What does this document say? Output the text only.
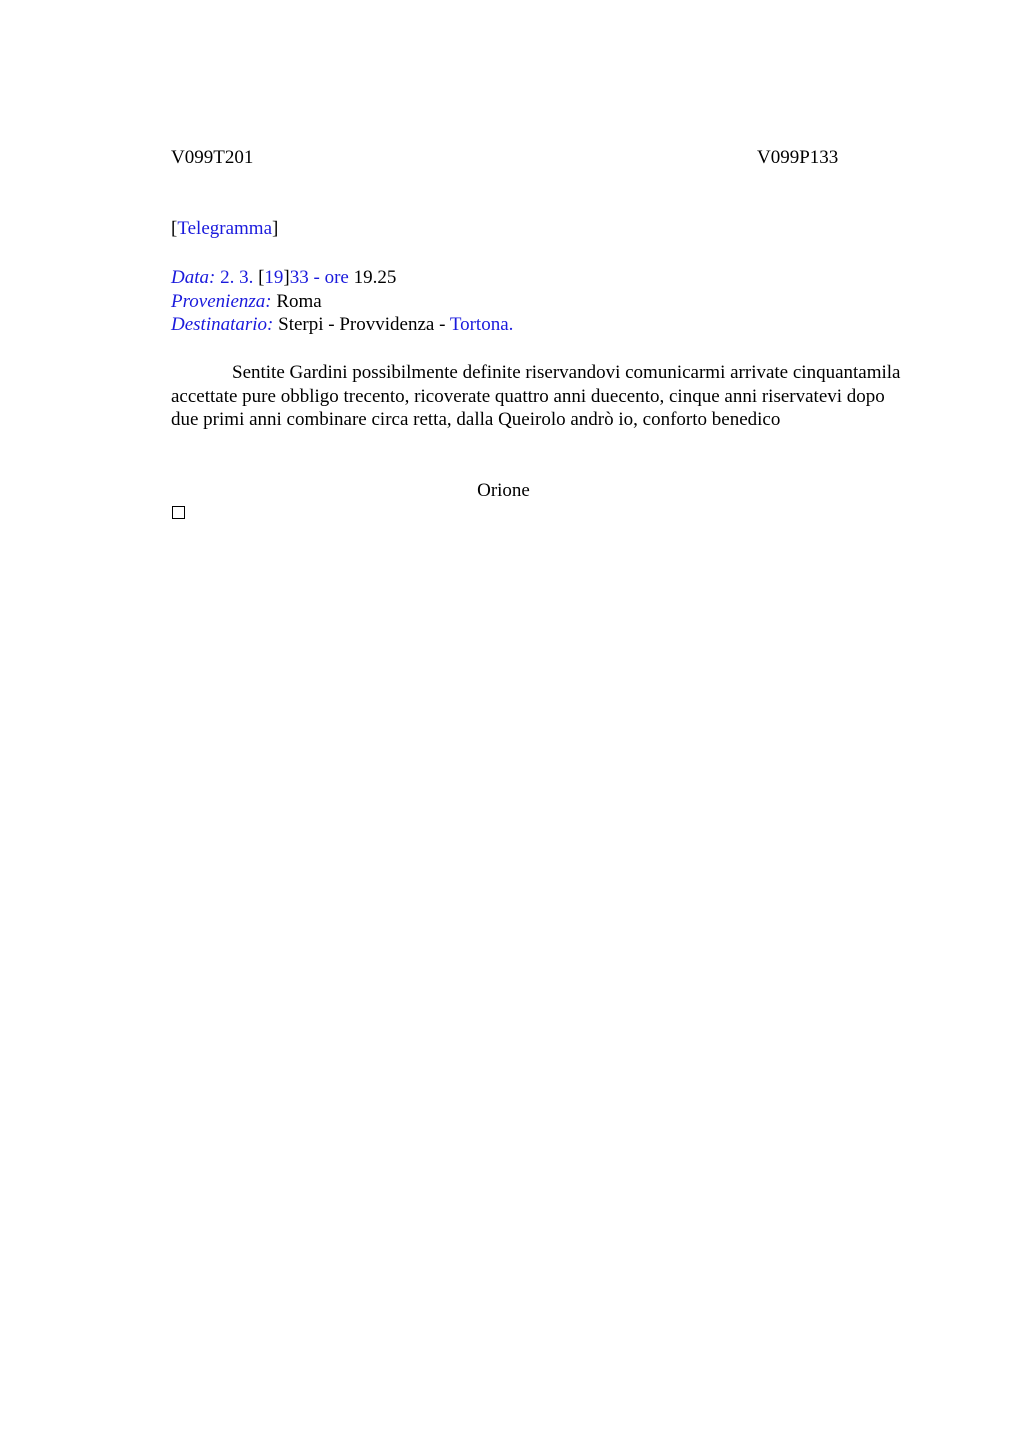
V099T201	V099P133
[Telegramma]
Data: 2. 3. [19]33 - ore 19.25
Provenienza: Roma
Destinatario: Sterpi - Provvidenza - Tortona.

Sentite Gardini possibilmente definite riservandovi comunicarmi arrivate cinquantamila accettate pure obbligo trecento, ricoverate quattro anni duecento, cinque anni riservatevi dopo due primi anni combinare circa retta, dalla Queirolo andrò io, conforto benedico

Orione
